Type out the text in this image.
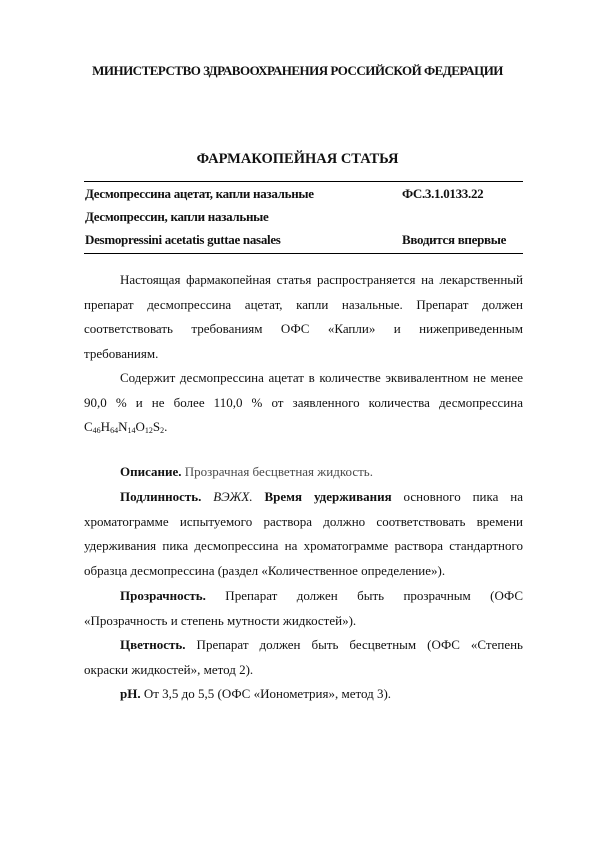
МИНИСТЕРСТВО ЗДРАВООХРАНЕНИЯ РОССИЙСКОЙ ФЕДЕРАЦИИ
ФАРМАКОПЕЙНАЯ СТАТЬЯ
Десмопрессина ацетат, капли назальные	ФС.3.1.0133.22
Десмопрессин, капли назальные
Desmopressini acetatis guttae nasales	Вводится впервые

Настоящая фармакопейная статья распространяется на лекарственный препарат десмопрессина ацетат, капли назальные. Препарат должен соответствовать требованиям ОФС «Капли» и нижеприведенным требованиям.

Содержит десмопрессина ацетат в количестве эквивалентном не менее 90,0 % и не более 110,0 % от заявленного количества десмопрессина $C_{46}H_{64}N_{14}O_{12}S_2$.

Описание. Прозрачная бесцветная жидкость.

Подлинность. ВЭЖХ. Время удерживания основного пика на хроматограмме испытуемого раствора должно соответствовать времени удерживания пика десмопрессина на хроматограмме раствора стандартного образца десмопрессина (раздел «Количественное определение»).

Прозрачность. Препарат должен быть прозрачным (ОФС «Прозрачность и степень мутности жидкостей»).

Цветность. Препарат должен быть бесцветным (ОФС «Степень окраски жидкостей», метод 2).

pH. От 3,5 до 5,5 (ОФС «Ионометрия», метод 3).
